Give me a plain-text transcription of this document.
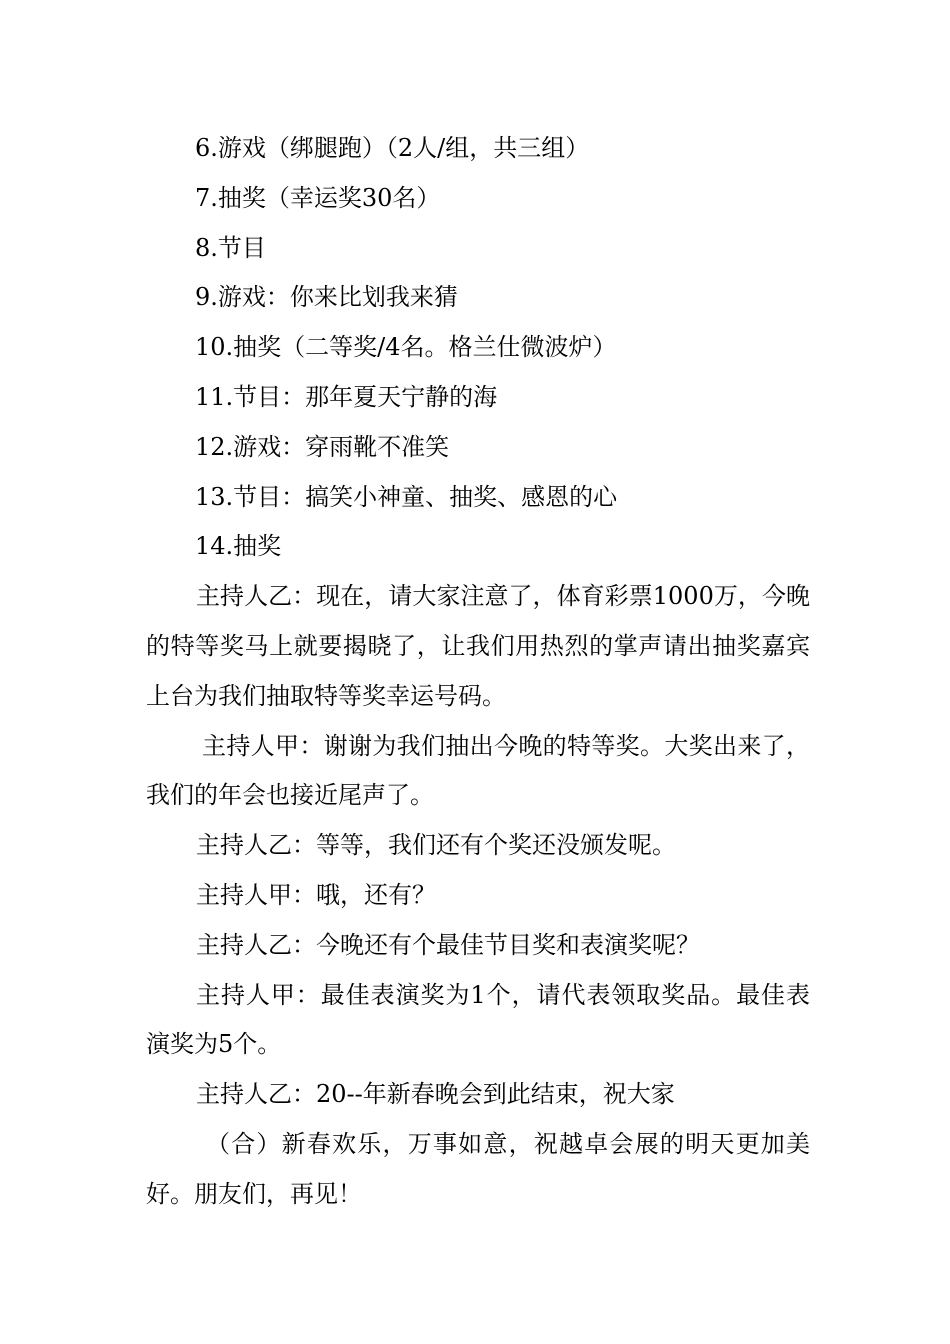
6.游戏（绑腿跑）（2人/组，共三组）

7.抽奖（幸运奖30名）

8.节目

9.游戏：你来比划我来猜

10.抽奖（二等奖/4名。格兰仕微波炉）

11.节目：那年夏天宁静的海

12.游戏：穿雨靴不准笑

13.节目：搞笑小神童、抽奖、感恩的心

14.抽奖

主持人乙：现在，请大家注意了，体育彩票1000万，今晚的特等奖马上就要揭晓了，让我们用热烈的掌声请出抽奖嘉宾上台为我们抽取特等奖幸运号码。

主持人甲：谢谢为我们抽出今晚的特等奖。大奖出来了，我们的年会也接近尾声了。

主持人乙：等等，我们还有个奖还没颁发呢。

主持人甲：哦，还有？

主持人乙：今晚还有个最佳节目奖和表演奖呢？

主持人甲：最佳表演奖为1个，请代表领取奖品。最佳表演奖为5个。

主持人乙：20--年新春晚会到此结束，祝大家

（合）新春欢乐，万事如意，祝越卓会展的明天更加美好。朋友们，再见！
